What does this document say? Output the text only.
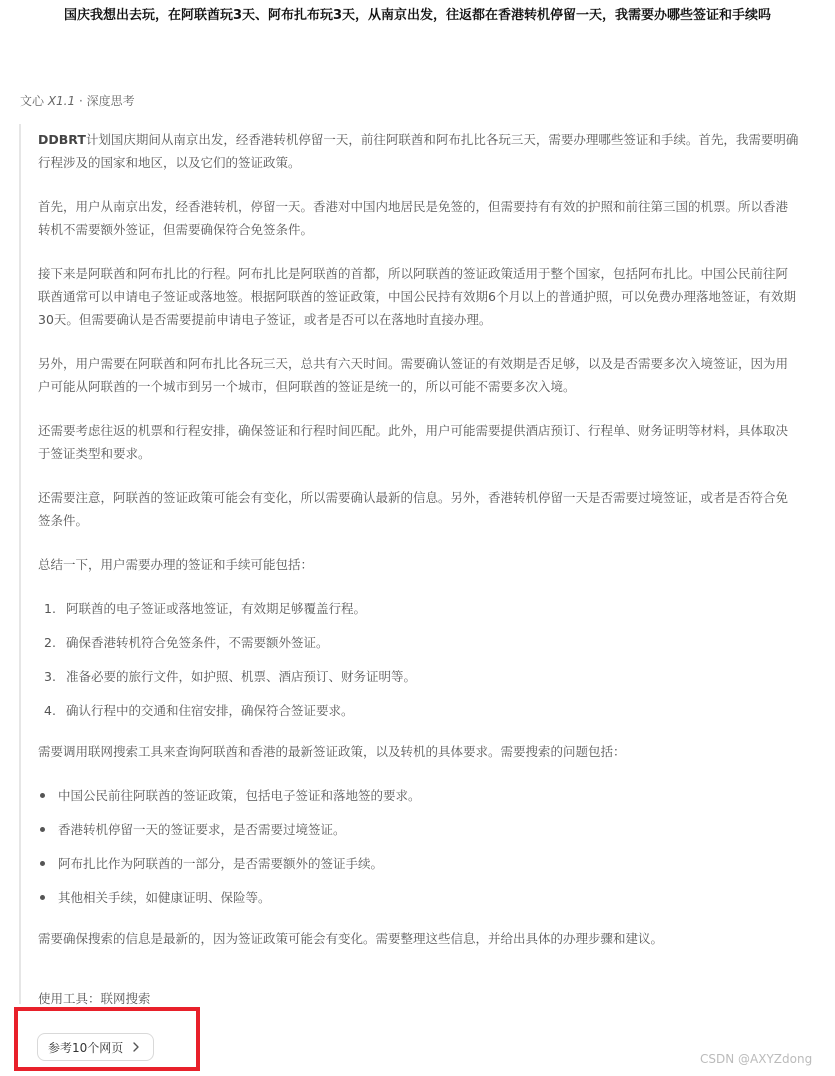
国庆我想出去玩，在阿联酋玩3天、阿布扎布玩3天，从南京出发，往返都在香港转机停留一天，我需要办哪些签证和手续吗
文心 X1.1 · 深度思考

DDBRT计划国庆期间从南京出发，经香港转机停留一天，前往阿联酋和阿布扎比各玩三天，需要办理哪些签证和手续。首先，我需要明确行程涉及的国家和地区，以及它们的签证政策。

首先，用户从南京出发，经香港转机，停留一天。香港对中国内地居民是免签的，但需要持有有效的护照和前往第三国的机票。所以香港转机不需要额外签证，但需要确保符合免签条件。

接下来是阿联酋和阿布扎比的行程。阿布扎比是阿联酋的首都，所以阿联酋的签证政策适用于整个国家，包括阿布扎比。中国公民前往阿联酋通常可以申请电子签证或落地签。根据阿联酋的签证政策，中国公民持有效期6个月以上的普通护照，可以免费办理落地签证，有效期30天。但需要确认是否需要提前申请电子签证，或者是否可以在落地时直接办理。

另外，用户需要在阿联酋和阿布扎比各玩三天，总共有六天时间。需要确认签证的有效期是否足够，以及是否需要多次入境签证，因为用户可能从阿联酋的一个城市到另一个城市，但阿联酋的签证是统一的，所以可能不需要多次入境。

还需要考虑往返的机票和行程安排，确保签证和行程时间匹配。此外，用户可能需要提供酒店预订、行程单、财务证明等材料，具体取决于签证类型和要求。

还需要注意，阿联酋的签证政策可能会有变化，所以需要确认最新的信息。另外，香港转机停留一天是否需要过境签证，或者是否符合免签条件。

总结一下，用户需要办理的签证和手续可能包括：

1. 阿联酋的电子签证或落地签证，有效期足够覆盖行程。
2. 确保香港转机符合免签条件，不需要额外签证。
3. 准备必要的旅行文件，如护照、机票、酒店预订、财务证明等。
4. 确认行程中的交通和住宿安排，确保符合签证要求。

需要调用联网搜索工具来查询阿联酋和香港的最新签证政策，以及转机的具体要求。需要搜索的问题包括：

中国公民前往阿联酋的签证政策，包括电子签证和落地签的要求。
香港转机停留一天的签证要求，是否需要过境签证。
阿布扎比作为阿联酋的一部分，是否需要额外的签证手续。
其他相关手续，如健康证明、保险等。

需要确保搜索的信息是最新的，因为签证政策可能会有变化。需要整理这些信息，并给出具体的办理步骤和建议。

使用工具：联网搜索
参考10个网页
CSDN @AXYZdong
